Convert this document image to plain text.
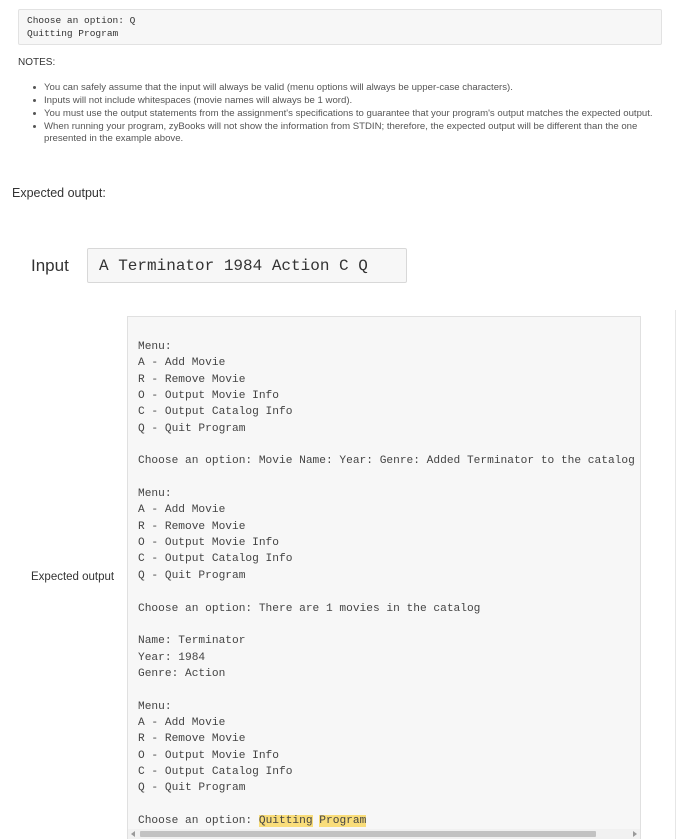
Choose an option: Q
Quitting Program
NOTES:
You can safely assume that the input will always be valid (menu options will always be upper-case characters).
Inputs will not include whitespaces (movie names will always be 1 word).
You must use the output statements from the assignment's specifications to guarantee that your program's output matches the expected output.
When running your program, zyBooks will not show the information from STDIN; therefore, the expected output will be different than the one presented in the example above.
Expected output:
Input	A Terminator 1984 Action C Q
Expected output
Menu:
A - Add Movie
R - Remove Movie
O - Output Movie Info
C - Output Catalog Info
Q - Quit Program
Choose an option: Movie Name: Year: Genre: Added Terminator to the catalog
Menu:
A - Add Movie
R - Remove Movie
O - Output Movie Info
C - Output Catalog Info
Q - Quit Program
Choose an option: There are 1 movies in the catalog
Name: Terminator
Year: 1984
Genre: Action
Menu:
A - Add Movie
R - Remove Movie
O - Output Movie Info
C - Output Catalog Info
Q - Quit Program
Choose an option: Quitting Program
